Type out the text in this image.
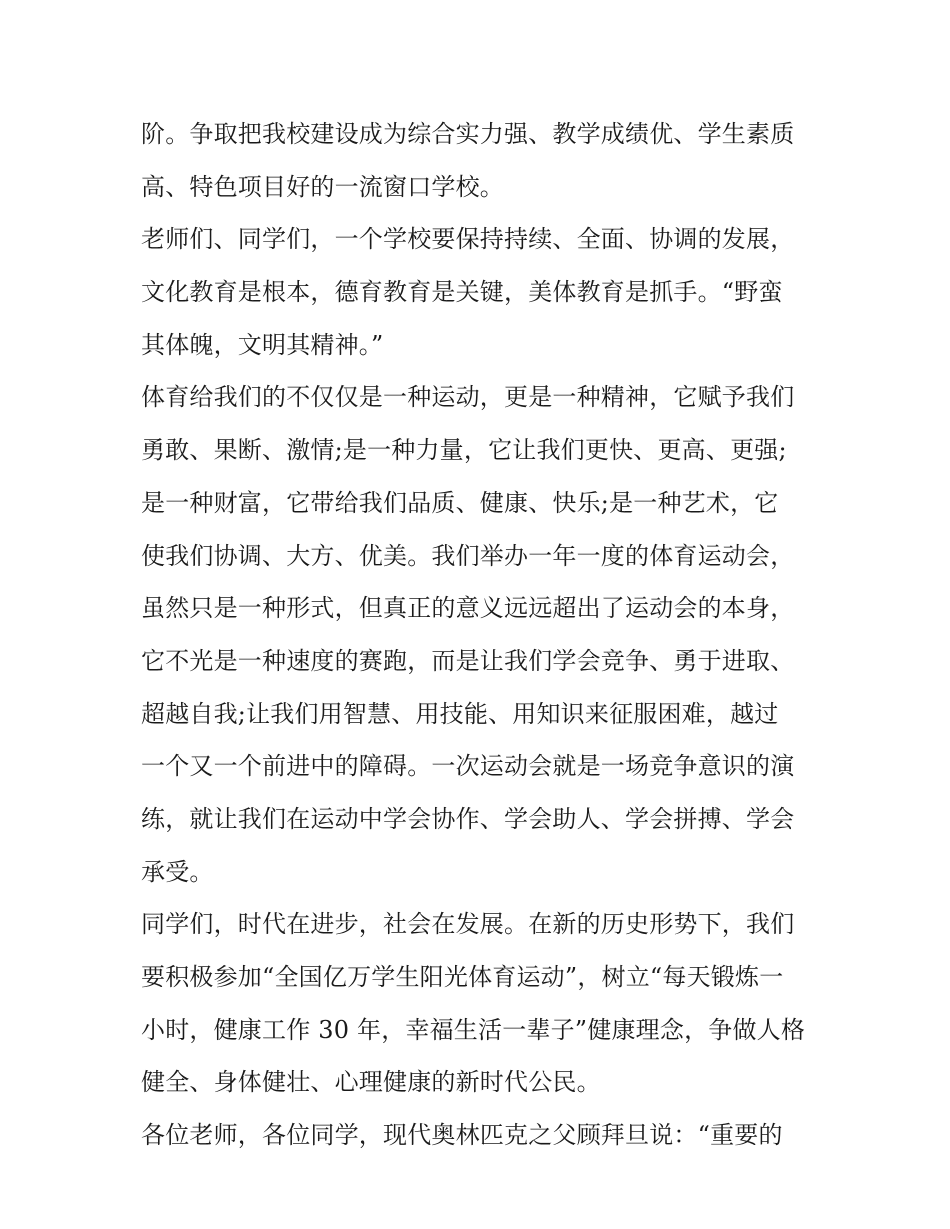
阶。争取把我校建设成为综合实力强、教学成绩优、学生素质
高、特色项目好的一流窗口学校。
老师们、同学们，一个学校要保持持续、全面、协调的发展，
文化教育是根本，德育教育是关键，美体教育是抓手。“野蛮
其体魄，文明其精神。”
体育给我们的不仅仅是一种运动，更是一种精神，它赋予我们
勇敢、果断、激情;是一种力量，它让我们更快、更高、更强;
是一种财富，它带给我们品质、健康、快乐;是一种艺术，它
使我们协调、大方、优美。我们举办一年一度的体育运动会，
虽然只是一种形式，但真正的意义远远超出了运动会的本身，
它不光是一种速度的赛跑，而是让我们学会竞争、勇于进取、
超越自我;让我们用智慧、用技能、用知识来征服困难，越过
一个又一个前进中的障碍。一次运动会就是一场竞争意识的演
练，就让我们在运动中学会协作、学会助人、学会拼搏、学会
承受。
同学们，时代在进步，社会在发展。在新的历史形势下，我们
要积极参加“全国亿万学生阳光体育运动”，树立“每天锻炼一
小时，健康工作 30 年，幸福生活一辈子”健康理念，争做人格
健全、身体健壮、心理健康的新时代公民。
各位老师，各位同学，现代奥林匹克之父顾拜旦说：“重要的
